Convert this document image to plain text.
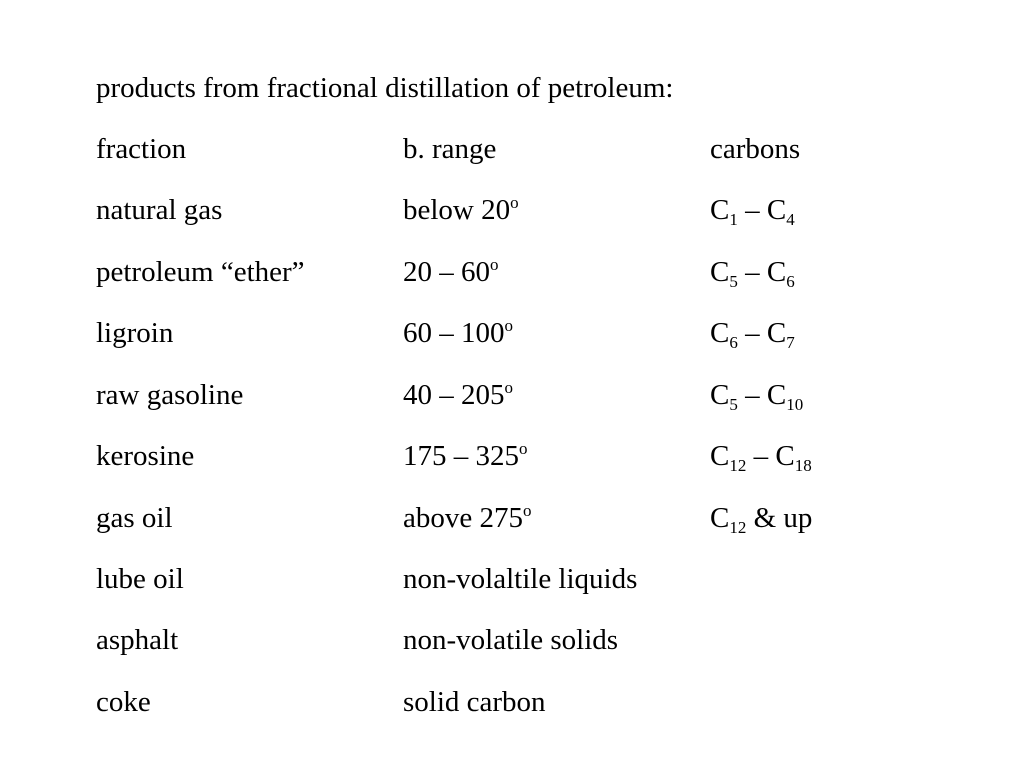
products from fractional distillation of petroleum:
fraction	b. range	carbons
natural gas	below 20$^o$	$C_1 - C_4$
petroleum “ether”	20 – 60$^o$	$C_5 - C_6$
ligroin	60 – 100$^o$	$C_6 - C_7$
raw gasoline	40 – 205$^o$	$C_5 - C_{10}$
kerosine	175 – 325$^o$	$C_{12} - C_{18}$
gas oil	above 275$^o$	$C_{12}$ & up
lube oil	non-volaltile liquids
asphalt	non-volatile solids
coke	solid carbon
